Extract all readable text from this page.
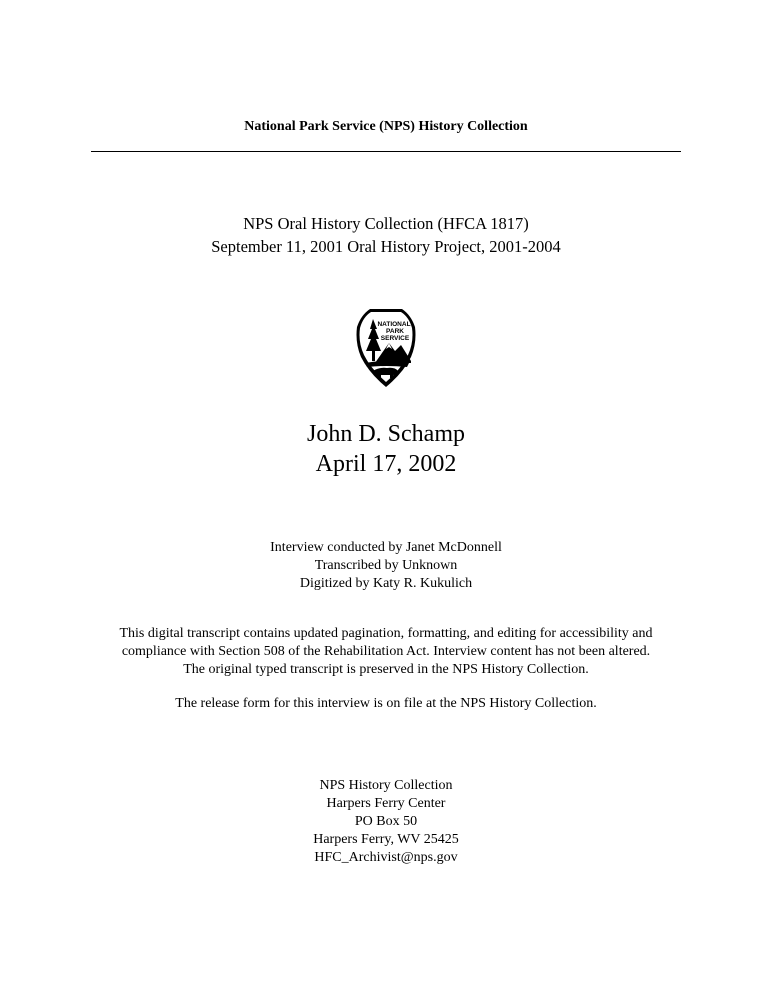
National Park Service (NPS) History Collection
NPS Oral History Collection (HFCA 1817)
September 11, 2001 Oral History Project, 2001-2004
NATIONAL
PARK
SERVICE
John D. Schamp
April 17, 2002
Interview conducted by Janet McDonnell
Transcribed by Unknown
Digitized by Katy R. Kukulich
This digital transcript contains updated pagination, formatting, and editing for accessibility and
compliance with Section 508 of the Rehabilitation Act. Interview content has not been altered.
The original typed transcript is preserved in the NPS History Collection.
The release form for this interview is on file at the NPS History Collection.
NPS History Collection
Harpers Ferry Center
PO Box 50
Harpers Ferry, WV 25425
HFC_Archivist@nps.gov
